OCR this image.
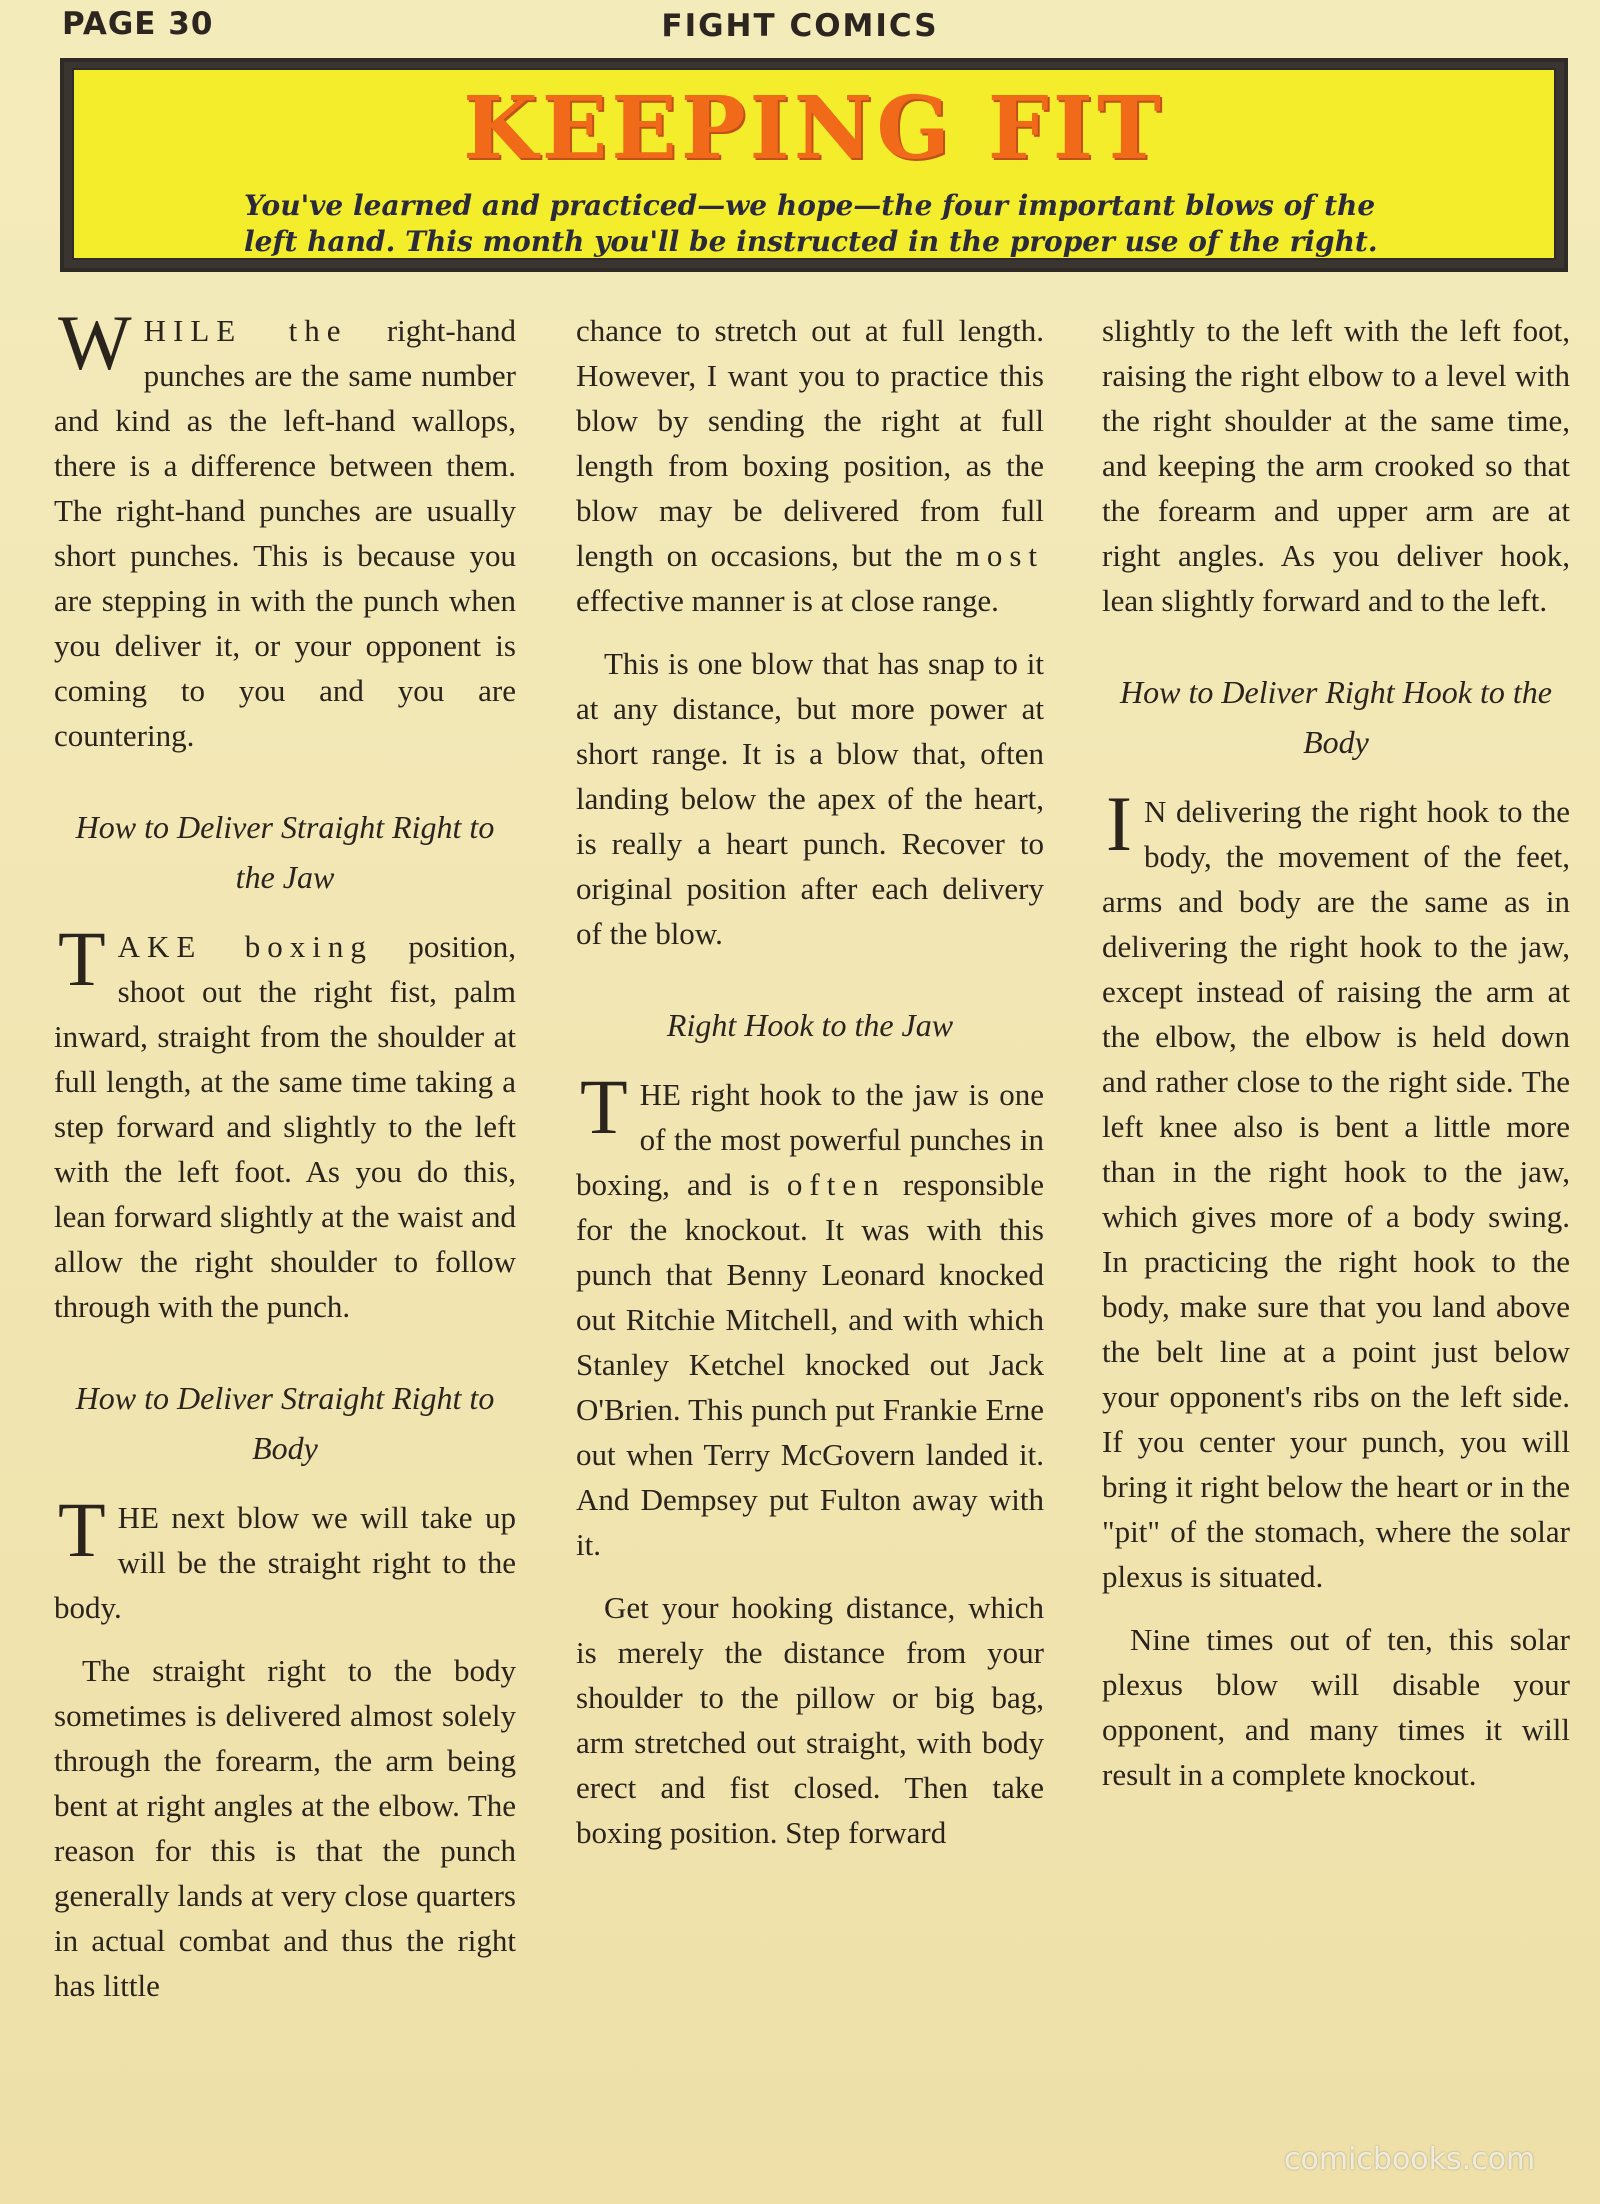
PAGE 30	FIGHT COMICS
KEEPING FIT
You've learned and practiced—we hope—the four important blows of the left hand. This month you'll be instructed in the proper use of the right.

WHILE the right-hand punches are the same number and kind as the left-hand wallops, there is a difference between them. The right-hand punches are usually short punches. This is because you are stepping in with the punch when you deliver it, or your opponent is coming to you and you are countering.

How to Deliver Straight Right to the Jaw

TAKE boxing position, shoot out the right fist, palm inward, straight from the shoulder at full length, at the same time taking a step forward and slightly to the left with the left foot. As you do this, lean forward slightly at the waist and allow the right shoulder to follow through with the punch.

How to Deliver Straight Right to Body

THE next blow we will take up will be the straight right to the body.

The straight right to the body sometimes is delivered almost solely through the forearm, the arm being bent at right angles at the elbow. The reason for this is that the punch generally lands at very close quarters in actual combat and thus the right has little

chance to stretch out at full length. However, I want you to practice this blow by sending the right at full length from boxing position, as the blow may be delivered from full length on occasions, but the most effective manner is at close range.

This is one blow that has snap to it at any distance, but more power at short range. It is a blow that, often landing below the apex of the heart, is really a heart punch. Recover to original position after each delivery of the blow.

Right Hook to the Jaw

THE right hook to the jaw is one of the most powerful punches in boxing, and is often responsible for the knockout. It was with this punch that Benny Leonard knocked out Ritchie Mitchell, and with which Stanley Ketchel knocked out Jack O'Brien. This punch put Frankie Erne out when Terry McGovern landed it. And Dempsey put Fulton away with it.

Get your hooking distance, which is merely the distance from your shoulder to the pillow or big bag, arm stretched out straight, with body erect and fist closed. Then take boxing position. Step forward

slightly to the left with the left foot, raising the right elbow to a level with the right shoulder at the same time, and keeping the arm crooked so that the forearm and upper arm are at right angles. As you deliver hook, lean slightly forward and to the left.

How to Deliver Right Hook to the Body

I N delivering the right hook to the body, the movement of the feet, arms and body are the same as in delivering the right hook to the jaw, except instead of raising the arm at the elbow, the elbow is held down and rather close to the right side. The left knee also is bent a little more than in the right hook to the jaw, which gives more of a body swing. In practicing the right hook to the body, make sure that you land above the belt line at a point just below your opponent's ribs on the left side. If you center your punch, you will bring it right below the heart or in the "pit" of the stomach, where the solar plexus is situated.

Nine times out of ten, this solar plexus blow will disable your opponent, and many times it will result in a complete knockout.

comicbooks.com
